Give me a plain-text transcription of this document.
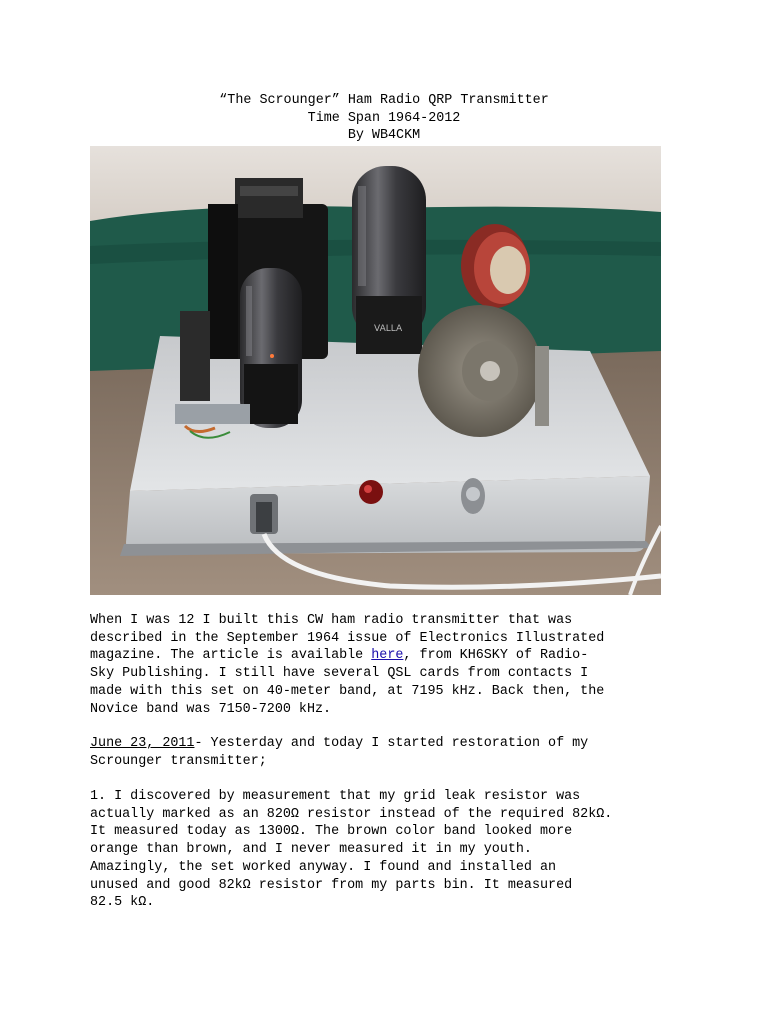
“The Scrounger” Ham Radio QRP Transmitter
Time Span 1964-2012
By WB4CKM
VALLA
When I was 12 I built this CW ham radio transmitter that was
described in the September 1964 issue of Electronics Illustrated
magazine. The article is available here, from KH6SKY of Radio-
Sky Publishing. I still have several QSL cards from contacts I
made with this set on 40-meter band, at 7195 kHz. Back then, the
Novice band was 7150-7200 kHz.
June 23, 2011- Yesterday and today I started restoration of my
Scrounger transmitter;
1. I discovered by measurement that my grid leak resistor was
actually marked as an 820Ω resistor instead of the required 82kΩ.
It measured today as 1300Ω. The brown color band looked more
orange than brown, and I never measured it in my youth.
Amazingly, the set worked anyway. I found and installed an
unused and good 82kΩ resistor from my parts bin. It measured
82.5 kΩ.
